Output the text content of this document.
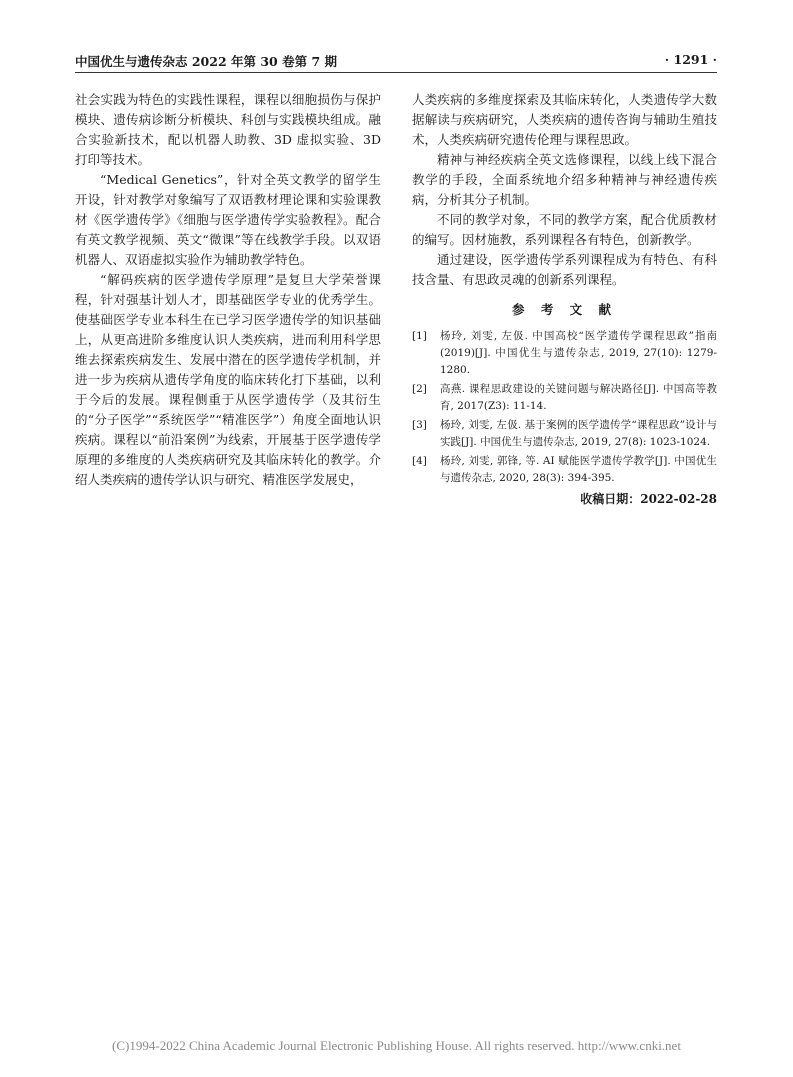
中国优生与遗传杂志 2022 年第 30 卷第 7 期	· 1291 ·

社会实践为特色的实践性课程，课程以细胞损伤与保护模块、遗传病诊断分析模块、科创与实践模块组成。融合实验新技术，配以机器人助教、3D 虚拟实验、3D 打印等技术。

“Medical Genetics”，针对全英文教学的留学生开设，针对教学对象编写了双语教材理论课和实验课教材《医学遗传学》《细胞与医学遗传学实验教程》。配合有英文教学视频、英文“微课”等在线教学手段。以双语机器人、双语虚拟实验作为辅助教学特色。

“解码疾病的医学遗传学原理”是复旦大学荣誉课程，针对强基计划人才，即基础医学专业的优秀学生。使基础医学专业本科生在已学习医学遗传学的知识基础上，从更高进阶多维度认识人类疾病，进而利用科学思维去探索疾病发生、发展中潜在的医学遗传学机制，并进一步为疾病从遗传学角度的临床转化打下基础，以利于今后的发展。课程侧重于从医学遗传学（及其衍生的“分子医学”“系统医学”“精准医学”）角度全面地认识疾病。课程以“前沿案例”为线索，开展基于医学遗传学原理的多维度的人类疾病研究及其临床转化的教学。介绍人类疾病的遗传学认识与研究、精准医学发展史，

人类疾病的多维度探索及其临床转化，人类遗传学大数据解读与疾病研究，人类疾病的遗传咨询与辅助生殖技术，人类疾病研究遗传伦理与课程思政。

精神与神经疾病全英文选修课程，以线上线下混合教学的手段，全面系统地介绍多种精神与神经遗传疾病，分析其分子机制。

不同的教学对象，不同的教学方案，配合优质教材的编写。因材施教，系列课程各有特色，创新教学。

通过建设，医学遗传学系列课程成为有特色、有科技含量、有思政灵魂的创新系列课程。

参 考 文 献
[1]	杨玲, 刘雯, 左伋. 中国高校“医学遗传学课程思政”指南(2019)[J]. 中国优生与遗传杂志, 2019, 27(10): 1279-1280.
[2]	高燕. 课程思政建设的关键问题与解决路径[J]. 中国高等教育, 2017(Z3): 11-14.
[3]	杨玲, 刘雯, 左伋. 基于案例的医学遗传学“课程思政”设计与实践[J]. 中国优生与遗传杂志, 2019, 27(8): 1023-1024.
[4]	杨玲, 刘雯, 郭锋, 等. AI 赋能医学遗传学教学[J]. 中国优生与遗传杂志, 2020, 28(3): 394-395.
收稿日期：2022-02-28
(C)1994-2022 China Academic Journal Electronic Publishing House. All rights reserved. http://www.cnki.net
